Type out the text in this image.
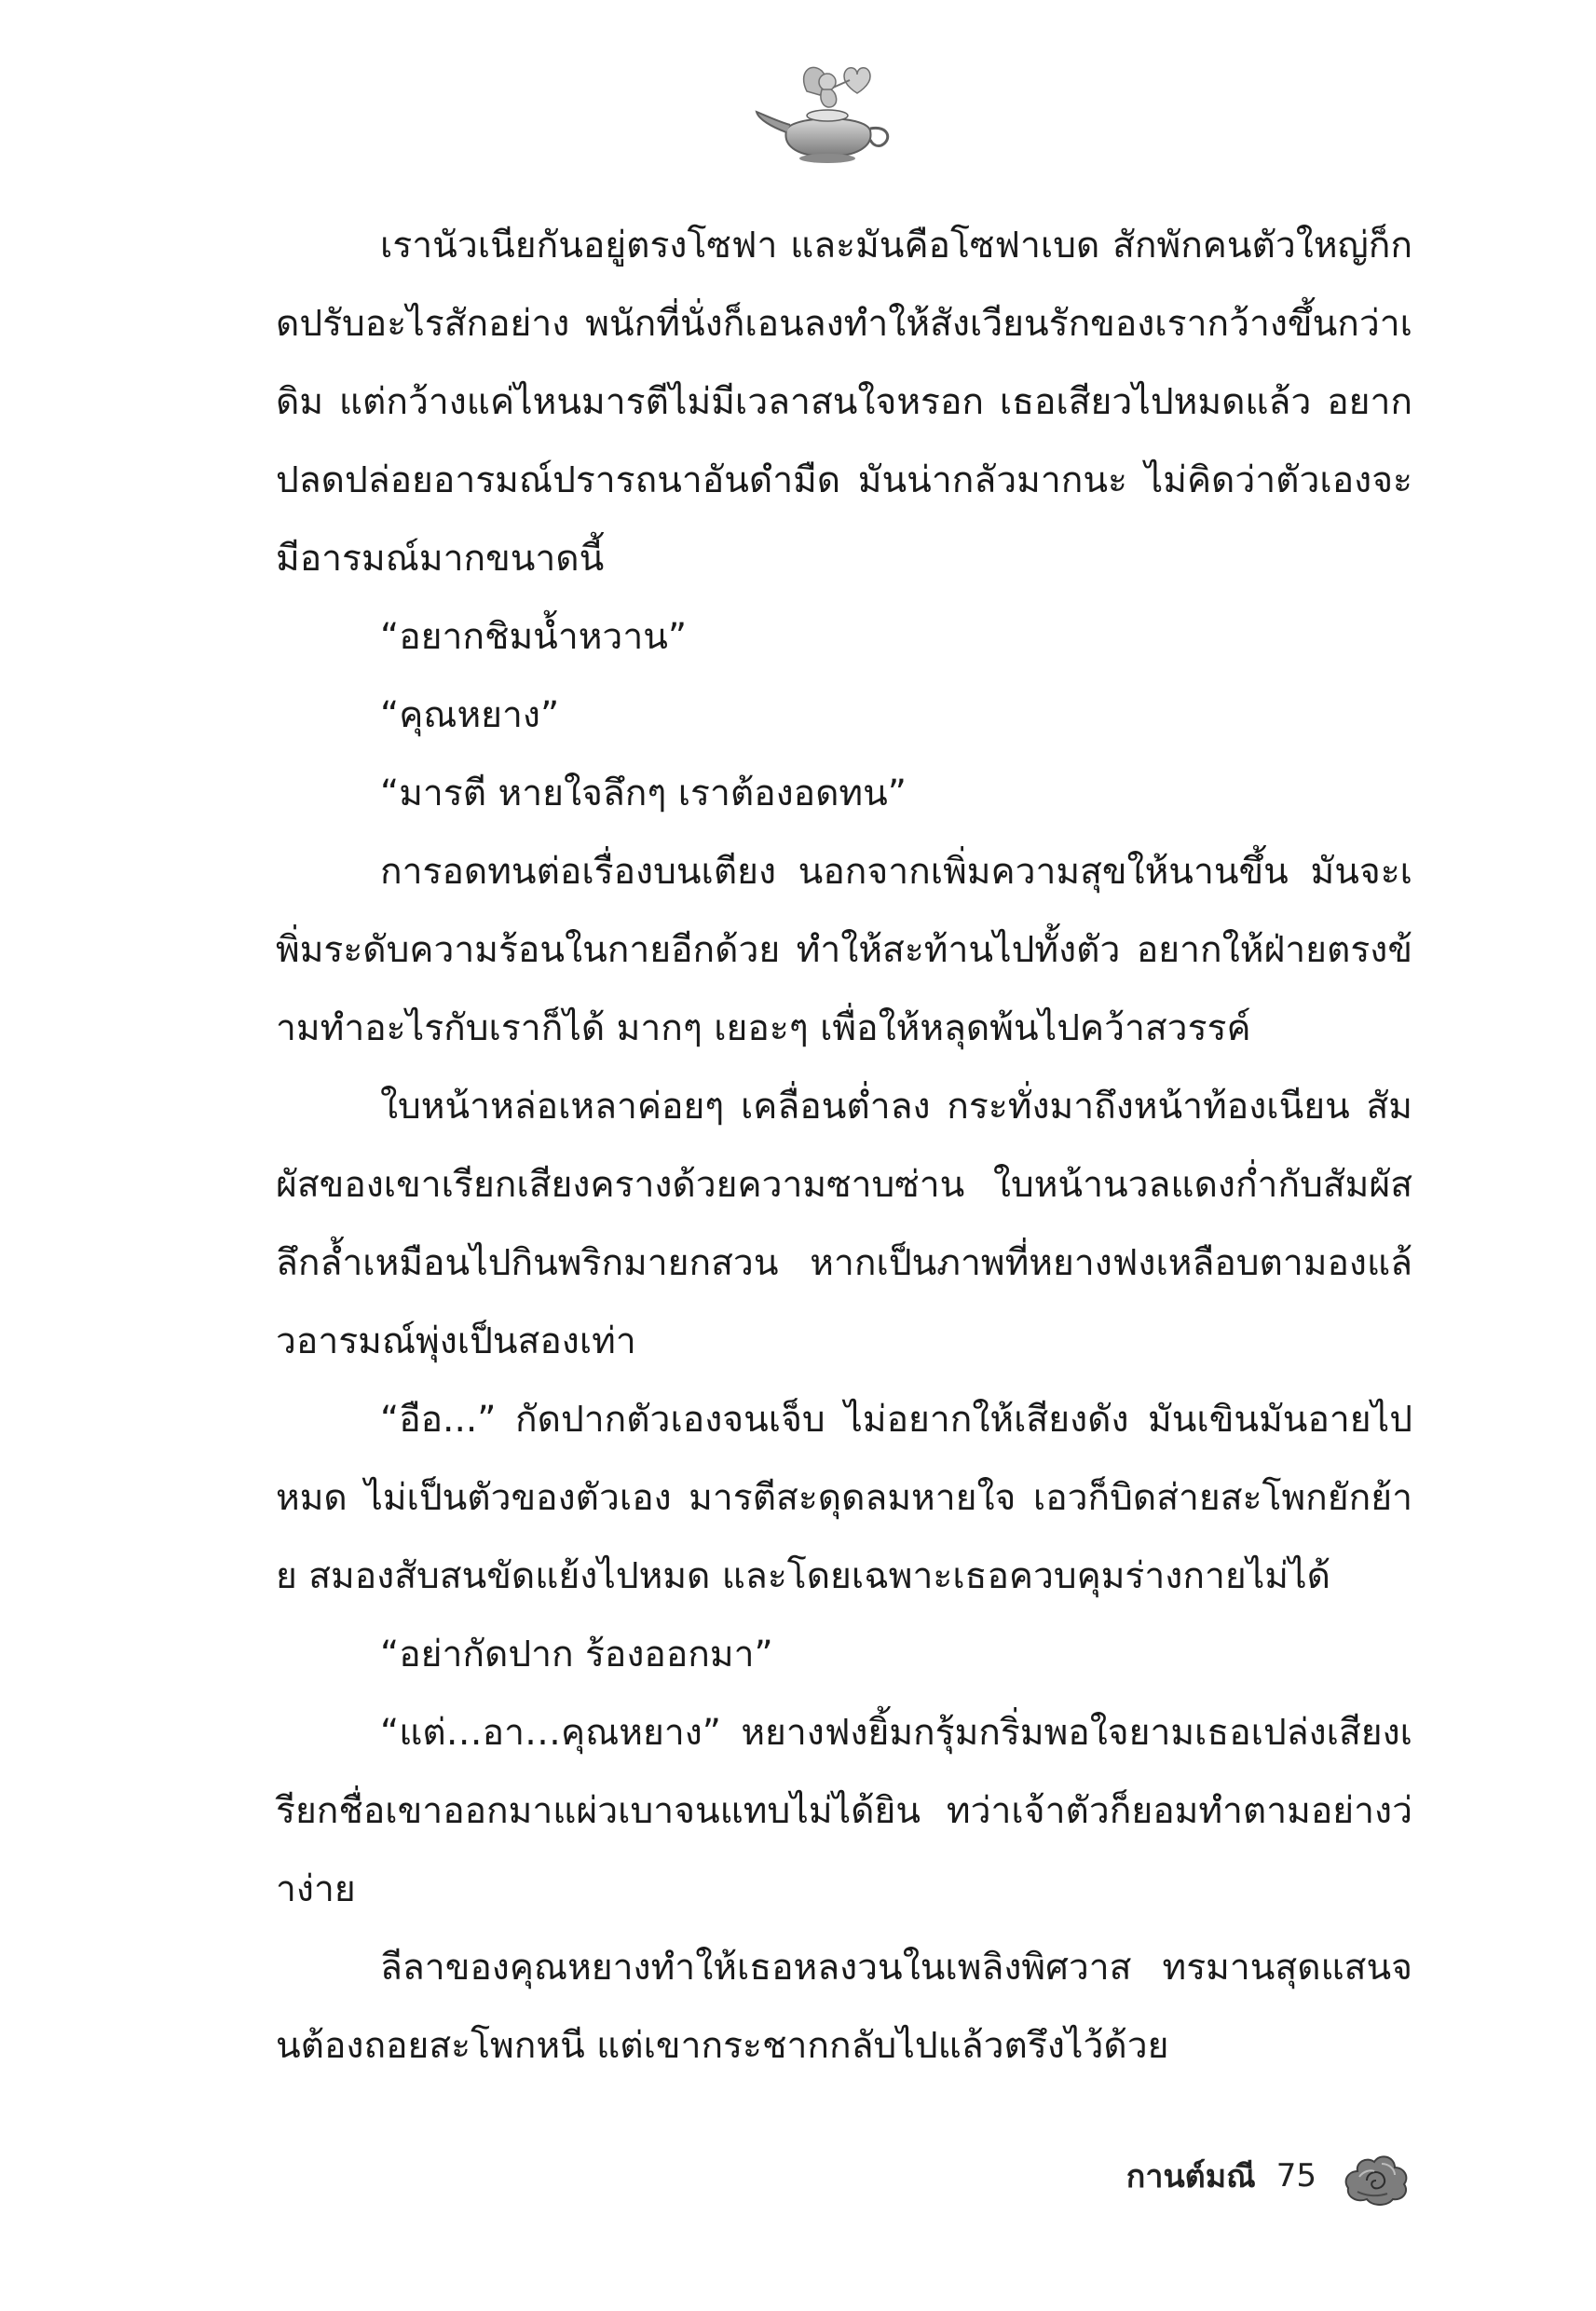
เรานัวเนียกันอยู่ตรงโซฟา และมันคือโซฟาเบด สักพักคนตัวใหญ่ก็กดปรับอะไรสักอย่าง พนักที่นั่งก็เอนลงทำให้สังเวียนรักของเรากว้างขึ้นกว่าเดิม แต่กว้างแค่ไหนมารตีไม่มีเวลาสนใจหรอก เธอเสียวไปหมดแล้ว อยากปลดปล่อยอารมณ์ปรารถนาอันดำมืด มันน่ากลัวมากนะ ไม่คิดว่าตัวเองจะมีอารมณ์มากขนาดนี้

“อยากชิมน้ำหวาน”

“คุณหยาง”

“มารตี หายใจลึกๆ เราต้องอดทน”

การอดทนต่อเรื่องบนเตียง นอกจากเพิ่มความสุขให้นานขึ้น มันจะเพิ่มระดับความร้อนในกายอีกด้วย ทำให้สะท้านไปทั้งตัว อยากให้ฝ่ายตรงข้ามทำอะไรกับเราก็ได้ มากๆ เยอะๆ เพื่อให้หลุดพ้นไปคว้าสวรรค์

ใบหน้าหล่อเหลาค่อยๆ เคลื่อนต่ำลง กระทั่งมาถึงหน้าท้องเนียน สัมผัสของเขาเรียกเสียงครางด้วยความซาบซ่าน ใบหน้านวลแดงก่ำกับสัมผัสลึกล้ำเหมือนไปกินพริกมายกสวน หากเป็นภาพที่หยางฟงเหลือบตามองแล้วอารมณ์พุ่งเป็นสองเท่า

“อือ...” กัดปากตัวเองจนเจ็บ ไม่อยากให้เสียงดัง มันเขินมันอายไปหมด ไม่เป็นตัวของตัวเอง มารตีสะดุดลมหายใจ เอวก็บิดส่ายสะโพกยักย้าย สมองสับสนขัดแย้งไปหมด และโดยเฉพาะเธอควบคุมร่างกายไม่ได้

“อย่ากัดปาก ร้องออกมา”

“แต่…อา…คุณหยาง” หยางฟงยิ้มกรุ้มกริ่มพอใจยามเธอเปล่งเสียงเรียกชื่อเขาออกมาแผ่วเบาจนแทบไม่ได้ยิน ทว่าเจ้าตัวก็ยอมทำตามอย่างว่าง่าย

ลีลาของคุณหยางทำให้เธอหลงวนในเพลิงพิศวาส ทรมานสุดแสนจนต้องถอยสะโพกหนี แต่เขากระชากกลับไปแล้วตรึงไว้ด้วย

กานต์มณี 75
